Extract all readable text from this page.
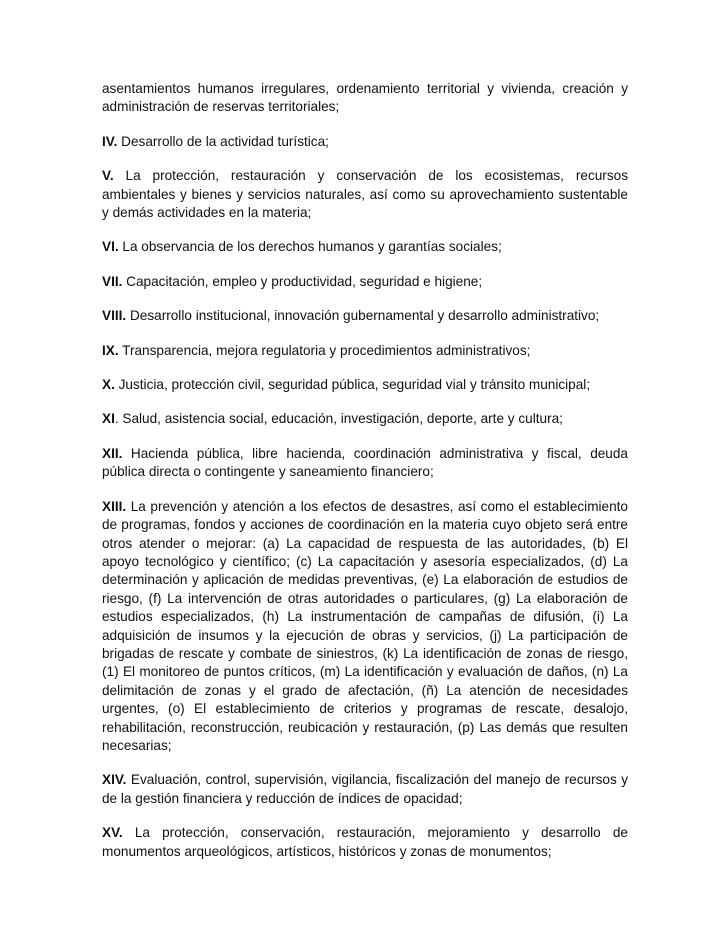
asentamientos humanos irregulares, ordenamiento territorial y vivienda, creación y administración de reservas territoriales;

IV. Desarrollo de la actividad turística;

V. La protección, restauración y conservación de los ecosistemas, recursos ambientales y bienes y servicios naturales, así como su aprovechamiento sustentable y demás actividades en la materia;

VI. La observancia de los derechos humanos y garantías sociales;

VII. Capacitación, empleo y productividad, seguridad e higiene;

VIII. Desarrollo institucional, innovación gubernamental y desarrollo administrativo;

IX. Transparencia, mejora regulatoria y procedimientos administrativos;

X. Justicia, protección civil, seguridad pública, seguridad vial y tránsito municipal;

XI. Salud, asistencia social, educación, investigación, deporte, arte y cultura;

XII. Hacienda pública, libre hacienda, coordinación administrativa y fiscal, deuda pública directa o contingente y saneamiento financiero;

XIII. La prevención y atención a los efectos de desastres, así como el establecimiento de programas, fondos y acciones de coordinación en la materia cuyo objeto será entre otros atender o mejorar: (a) La capacidad de respuesta de las autoridades, (b) El apoyo tecnológico y científico; (c) La capacitación y asesoría especializados, (d) La determinación y aplicación de medidas preventivas, (e) La elaboración de estudios de riesgo, (f) La intervención de otras autoridades o particulares, (g) La elaboración de estudios especializados, (h) La instrumentación de campañas de difusión, (i) La adquisición de insumos y la ejecución de obras y servicios, (j) La participación de brigadas de rescate y combate de siniestros, (k) La identificación de zonas de riesgo, (1) El monitoreo de puntos críticos, (m) La identificación y evaluación de daños, (n) La delimitación de zonas y el grado de afectación, (ñ) La atención de necesidades urgentes, (o) El establecimiento de criterios y programas de rescate, desalojo, rehabilitación, reconstrucción, reubicación y restauración, (p) Las demás que resulten necesarias;

XIV. Evaluación, control, supervisión, vigilancia, fiscalización del manejo de recursos y de la gestión financiera y reducción de índices de opacidad;

XV. La protección, conservación, restauración, mejoramiento y desarrollo de monumentos arqueológicos, artísticos, históricos y zonas de monumentos;
